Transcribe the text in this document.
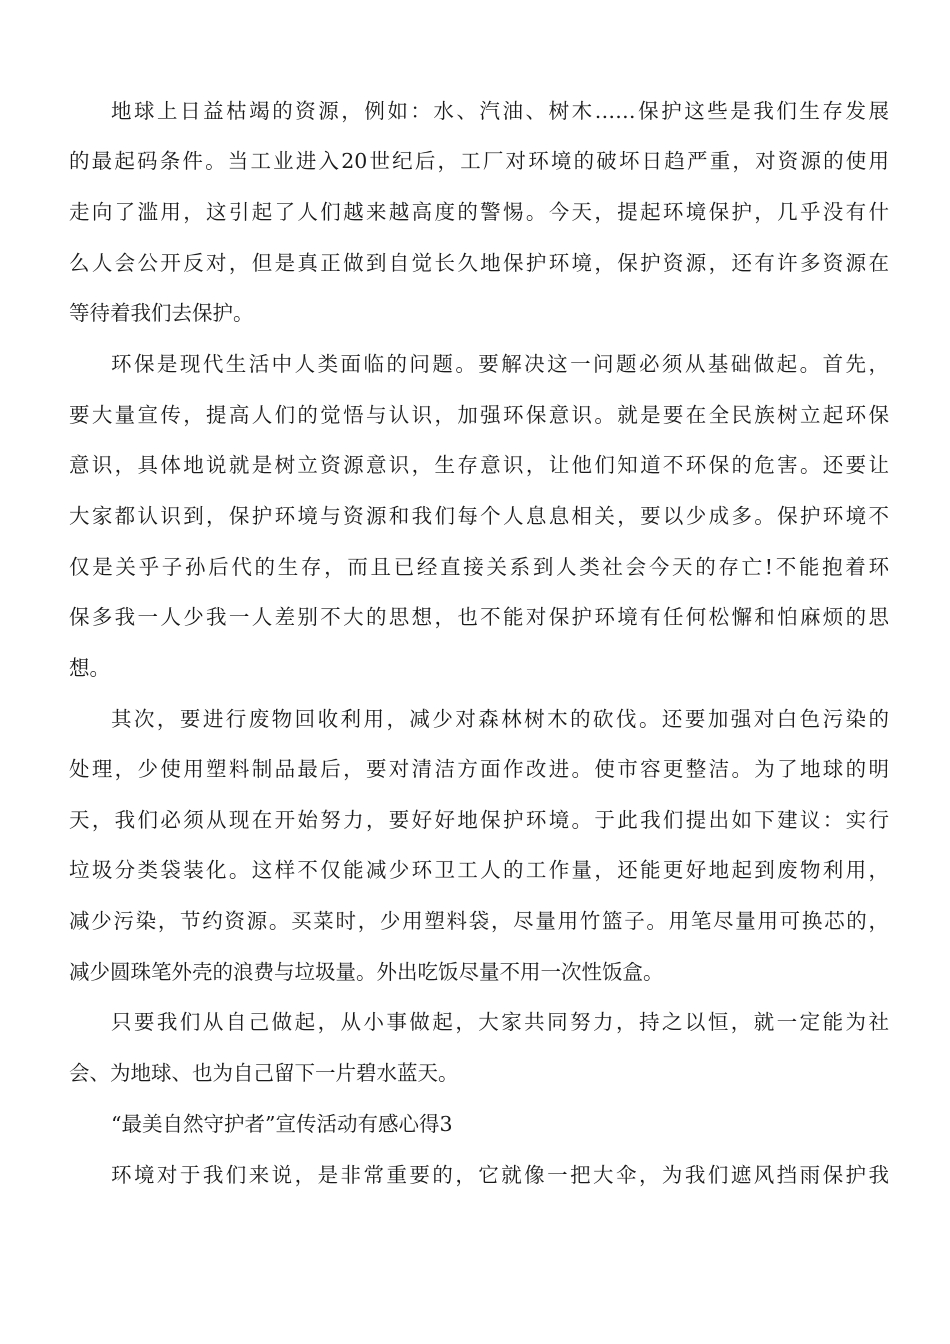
地球上日益枯竭的资源，例如：水、汽油、树木……保护这些是我们生存发展
的最起码条件。当工业进入20世纪后，工厂对环境的破坏日趋严重，对资源的使用
走向了滥用，这引起了人们越来越高度的警惕。今天，提起环境保护，几乎没有什
么人会公开反对，但是真正做到自觉长久地保护环境，保护资源，还有许多资源在
等待着我们去保护。
环保是现代生活中人类面临的问题。要解决这一问题必须从基础做起。首先，
要大量宣传，提高人们的觉悟与认识，加强环保意识。就是要在全民族树立起环保
意识，具体地说就是树立资源意识，生存意识，让他们知道不环保的危害。还要让
大家都认识到，保护环境与资源和我们每个人息息相关，要以少成多。保护环境不
仅是关乎子孙后代的生存，而且已经直接关系到人类社会今天的存亡!不能抱着环
保多我一人少我一人差别不大的思想，也不能对保护环境有任何松懈和怕麻烦的思
想。
其次，要进行废物回收利用，减少对森林树木的砍伐。还要加强对白色污染的
处理，少使用塑料制品最后，要对清洁方面作改进。使市容更整洁。为了地球的明
天，我们必须从现在开始努力，要好好地保护环境。于此我们提出如下建议：实行
垃圾分类袋装化。这样不仅能减少环卫工人的工作量，还能更好地起到废物利用，
减少污染，节约资源。买菜时，少用塑料袋，尽量用竹篮子。用笔尽量用可换芯的，
减少圆珠笔外壳的浪费与垃圾量。外出吃饭尽量不用一次性饭盒。
只要我们从自己做起，从小事做起，大家共同努力，持之以恒，就一定能为社
会、为地球、也为自己留下一片碧水蓝天。
“最美自然守护者”宣传活动有感心得3
环境对于我们来说，是非常重要的，它就像一把大伞，为我们遮风挡雨保护我
